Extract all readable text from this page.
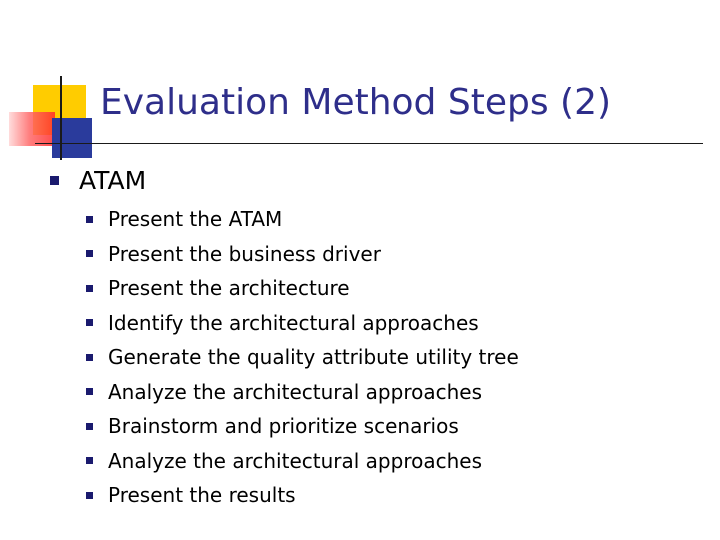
Evaluation Method Steps (2)
ATAM
Present the ATAM
Present the business driver
Present the architecture
Identify the architectural approaches
Generate the quality attribute utility tree
Analyze the architectural approaches
Brainstorm and prioritize scenarios
Analyze the architectural approaches
Present the results
